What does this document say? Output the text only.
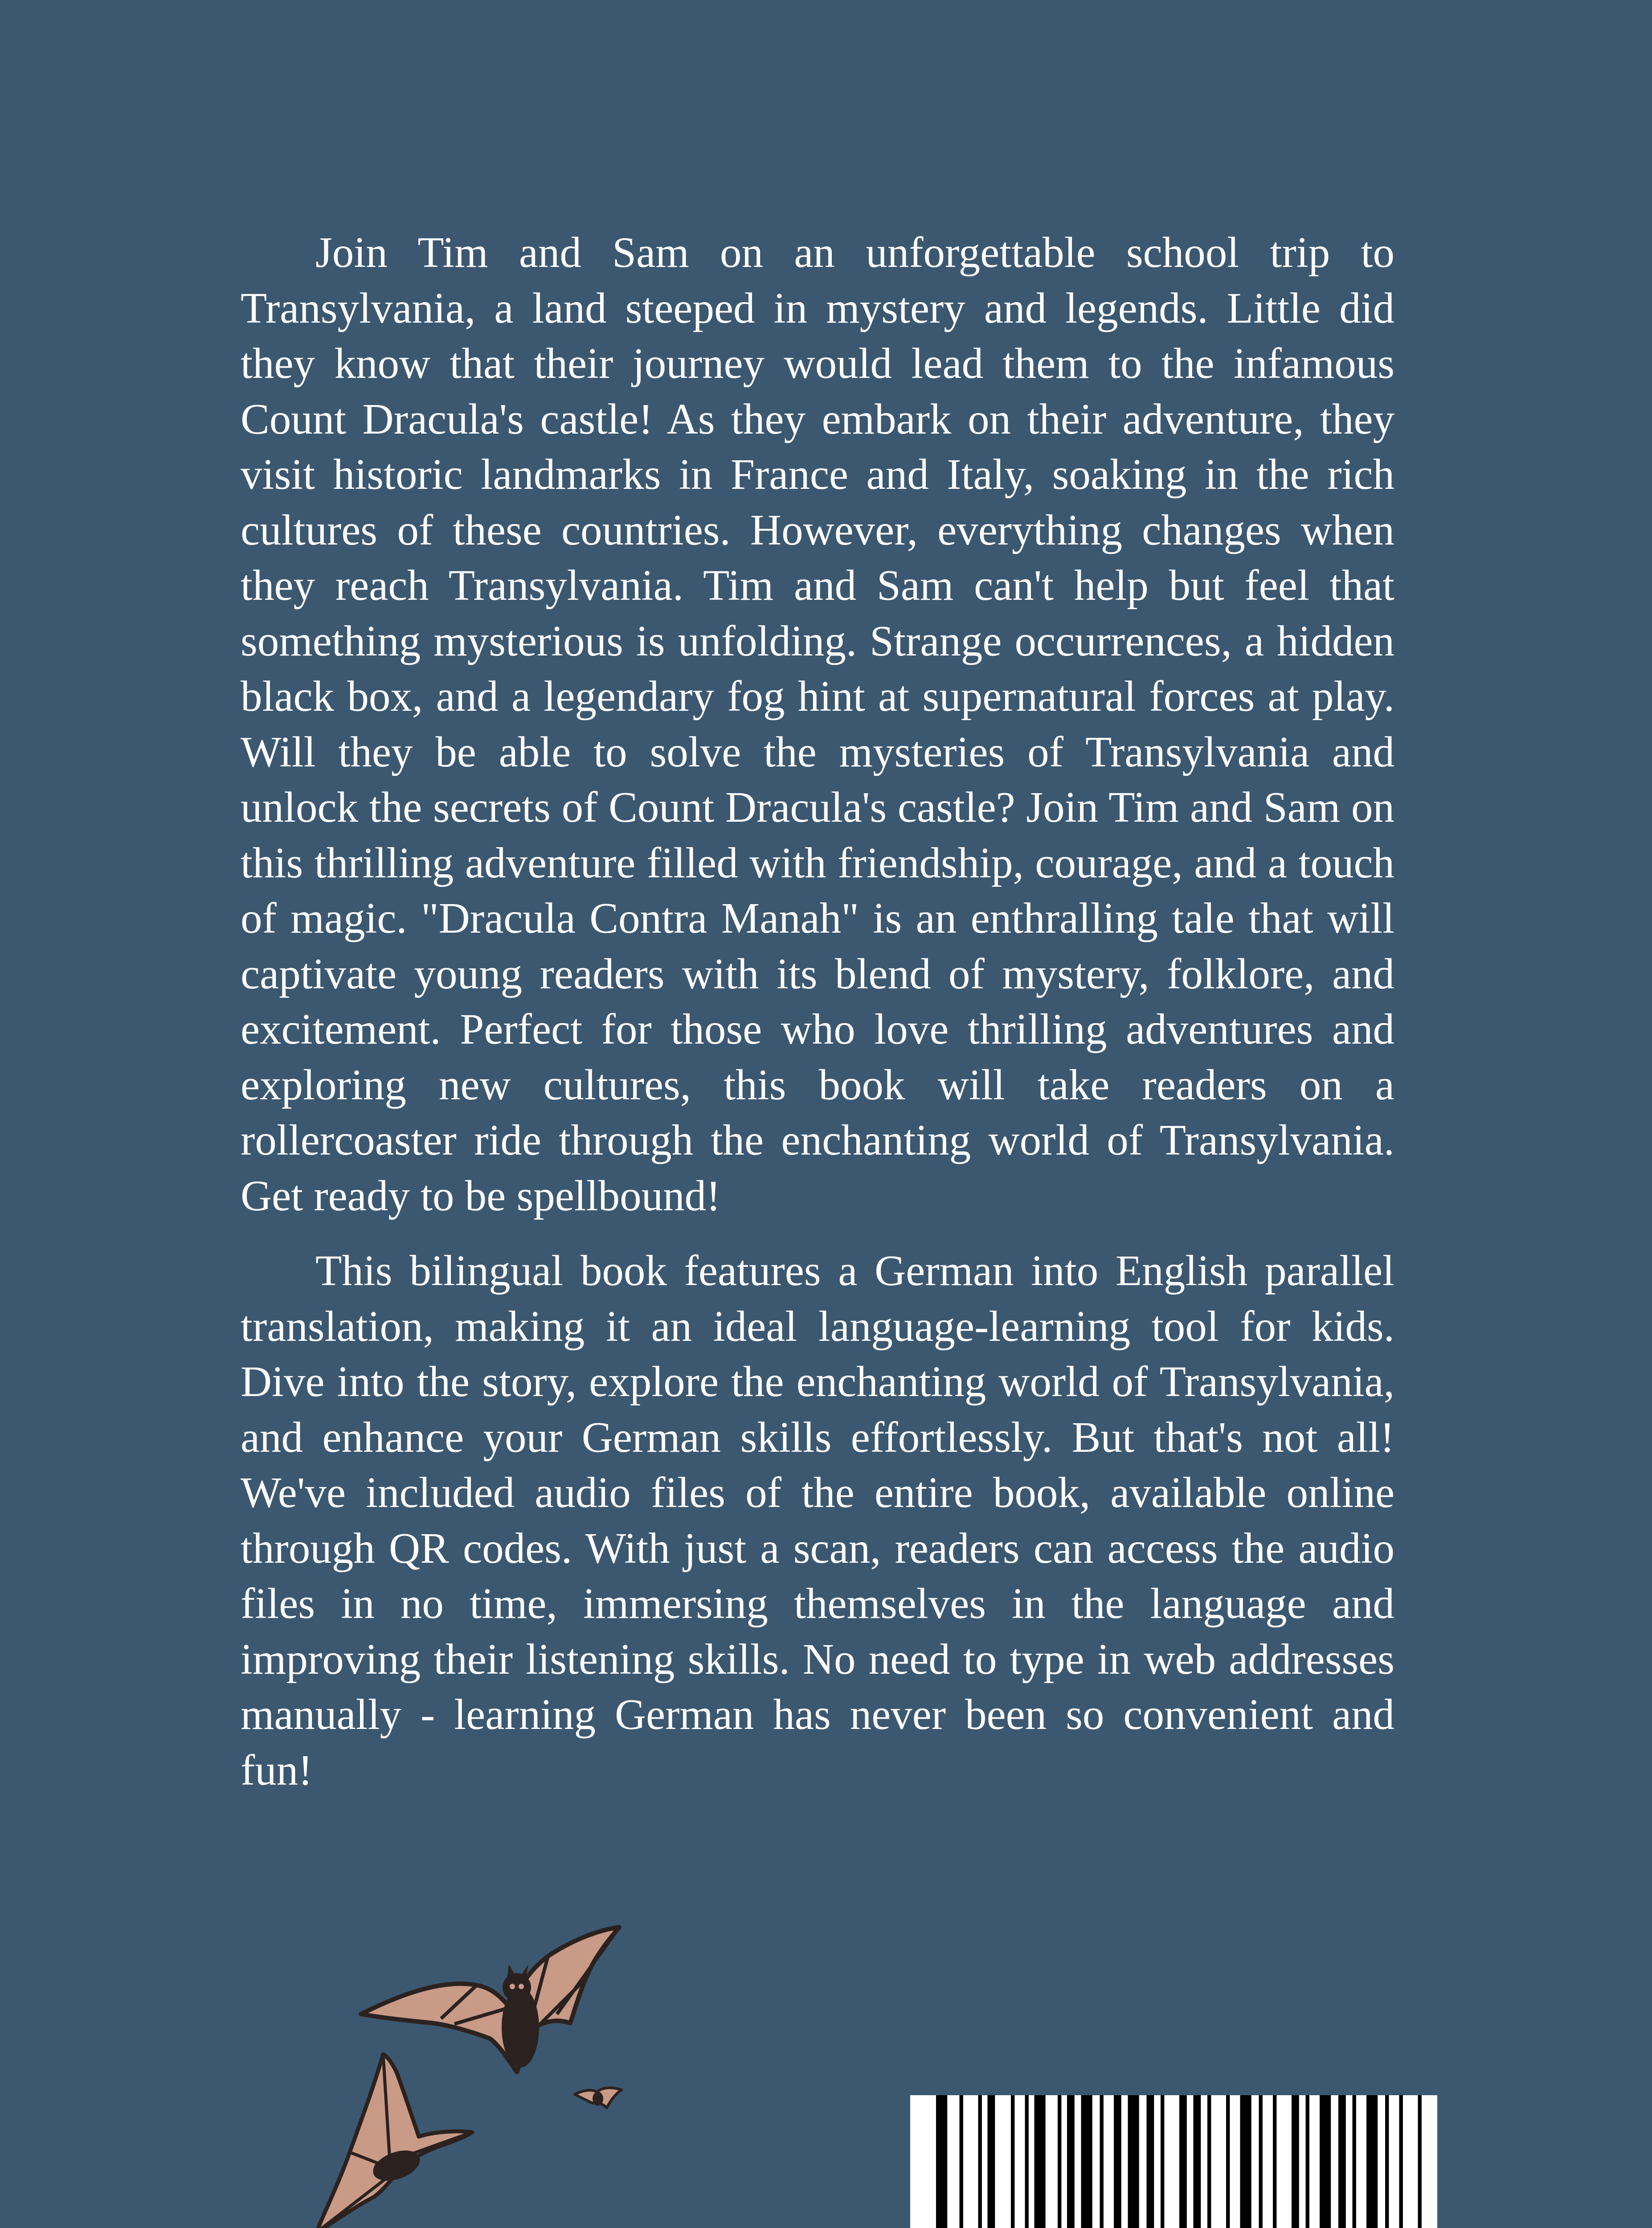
Join Tim and Sam on an unforgettable school trip to Transylvania, a land steeped in mystery and legends. Little did they know that their journey would lead them to the infamous Count Dracula's castle! As they embark on their adventure, they visit historic landmarks in France and Italy, soaking in the rich cultures of these countries. However, everything changes when they reach Transylvania. Tim and Sam can't help but feel that something mysterious is unfolding. Strange occurrences, a hidden black box, and a legendary fog hint at supernatural forces at play. Will they be able to solve the mysteries of Transylvania and unlock the secrets of Count Dracula's castle? Join Tim and Sam on this thrilling adventure filled with friendship, courage, and a touch of magic. "Dracula Contra Manah" is an enthralling tale that will captivate young readers with its blend of mystery, folklore, and excitement. Perfect for those who love thrilling adventures and exploring new cultures, this book will take readers on a rollercoaster ride through the enchanting world of Transylvania. Get ready to be spellbound!

This bilingual book features a German into English parallel translation, making it an ideal language-learning tool for kids. Dive into the story, explore the enchanting world of Transylvania, and enhance your German skills effortlessly. But that's not all! We've included audio files of the entire book, available online through QR codes. With just a scan, readers can access the audio files in no time, immersing themselves in the language and improving their listening skills. No need to type in web addresses manually - learning German has never been so convenient and fun!
